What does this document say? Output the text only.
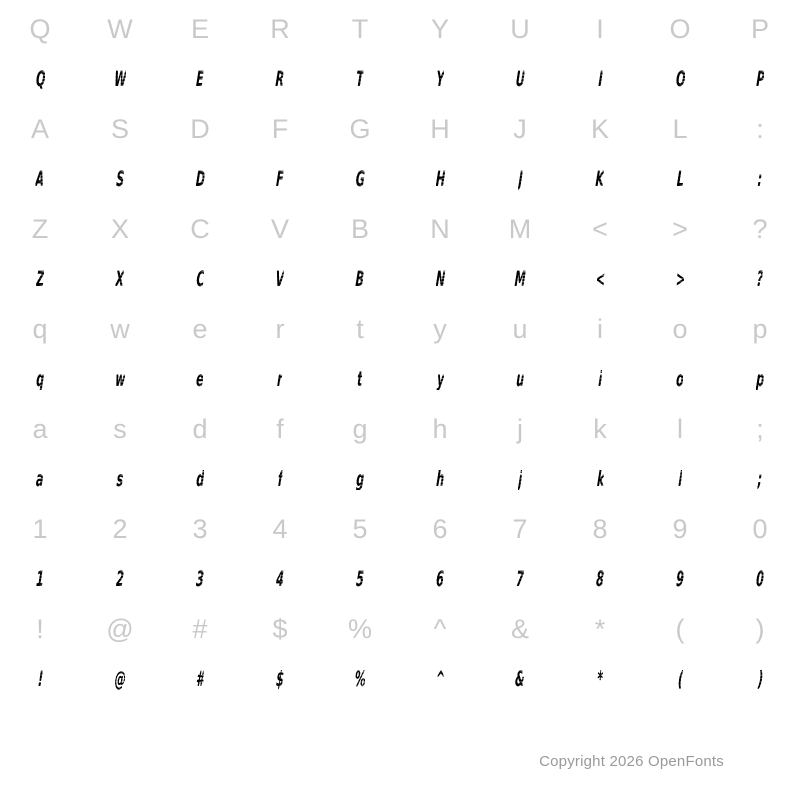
Q W E R T Y U I O P
Q	W	E	R	T	Y	U	I	O	P
A S D F G H J K L	:
A	S	D	F	G	H	J	K	L	:
Z X C V B N M < > ?
Z	X	C	V	B	N	M	<	>	?
q w e	r	t	y u	i	o p
q	w	e	r	t	y	u	i	o	p
a s d	f	g h	j	k	l	;
a	s	d	f	g	h	j	k	l	;
1 2 3 4 5 6 7 8 9 0
1	2	3	4	5	6	7	8	9	0
! @ # $ % ^ & *	(	)
!	@	#	$	%	^	&	*	(	)
Copyright 2026 OpenFonts
